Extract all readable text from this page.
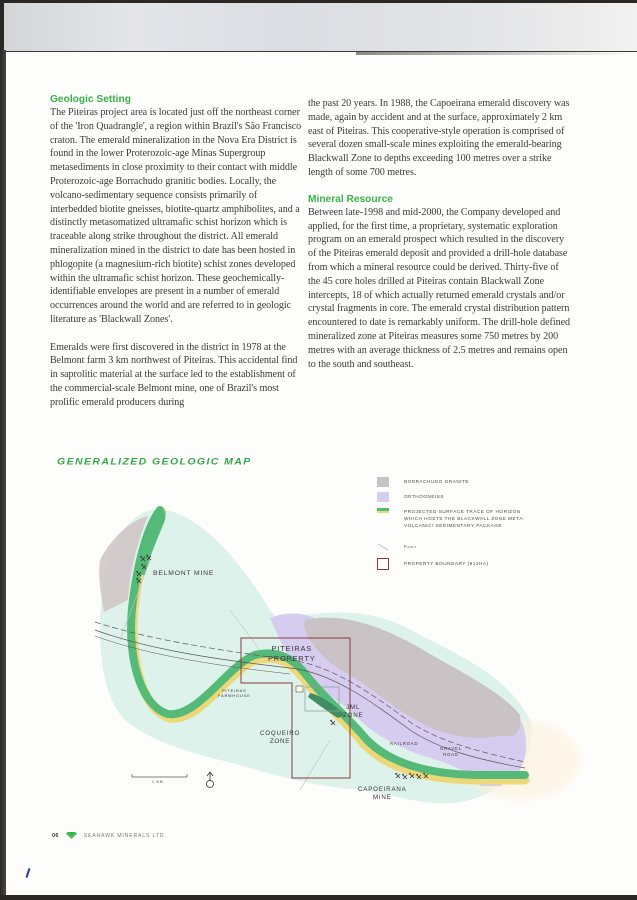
Geologic Setting

The Piteiras project area is located just off the northeast corner of the 'Iron Quadrangle', a region within Brazil's São Francisco craton. The emerald mineralization in the Nova Era District is found in the lower Proterozoic-age Minas Supergroup metasediments in close proximity to their contact with middle Proterozoic-age Borrachudo granitic bodies. Locally, the volcano-sedimentary sequence consists primarily of interbedded biotite gneisses, biotite-quartz amphibolites, and a distinctly metasomatized ultramafic schist horizon which is traceable along strike throughout the district. All emerald mineralization mined in the district to date has been hosted in phlogopite (a magnesium-rich biotite) schist zones developed within the ultramafic schist horizon. These geochemically-identifiable envelopes are present in a number of emerald occurrences around the world and are referred to in geologic literature as 'Blackwall Zones'.

Emeralds were first discovered in the district in 1978 at the Belmont farm 3 km northwest of Piteiras. This accidental find in saprolitic material at the surface led to the establishment of the commercial-scale Belmont mine, one of Brazil's most prolific emerald producers during

the past 20 years. In 1988, the Capoeirana emerald discovery was made, again by accident and at the surface, approximately 2 km east of Piteiras. This cooperative-style operation is comprised of several dozen small-scale mines exploiting the emerald-bearing Blackwall Zone to depths exceeding 100 metres over a strike length of some 700 metres.

Mineral Resource

Between late-1998 and mid-2000, the Company developed and applied, for the first time, a proprietary, systematic exploration program on an emerald prospect which resulted in the discovery of the Piteiras emerald deposit and provided a drill-hole database from which a mineral resource could be derived. Thirty-five of the 45 core holes drilled at Piteiras contain Blackwall Zone intercepts, 18 of which actually returned emerald crystals and/or crystal fragments in core. The emerald crystal distribution pattern encountered to date is remarkably uniform. The drill-hole defined mineralized zone at Piteiras measures some 750 metres by 200 metres with an average thickness of 2.5 metres and remains open to the south and southeast.

GENERALIZED GEOLOGIC MAP
BELMONT MINE
PITEIRAS
PROPERTY
PITEIRAS
FARMHOUSE
JML
ZONE
COQUEIRO
ZONE	RAILROAD
GRAVEL
ROAD
CAPOEIRANA
MINE
1 KM
BORRACHUDO GRANITE
ORTHOGNEISS
PROJECTED SURFACE TRACE OF HORIZON WHICH HOSTS THE BLACKWALL ZONE META-VOLCANIC/ SEDIMENTARY PACKAGE
Fault
PROPERTY BOUNDARY (912HA)
06	SEAHAWK MINERALS LTD.
